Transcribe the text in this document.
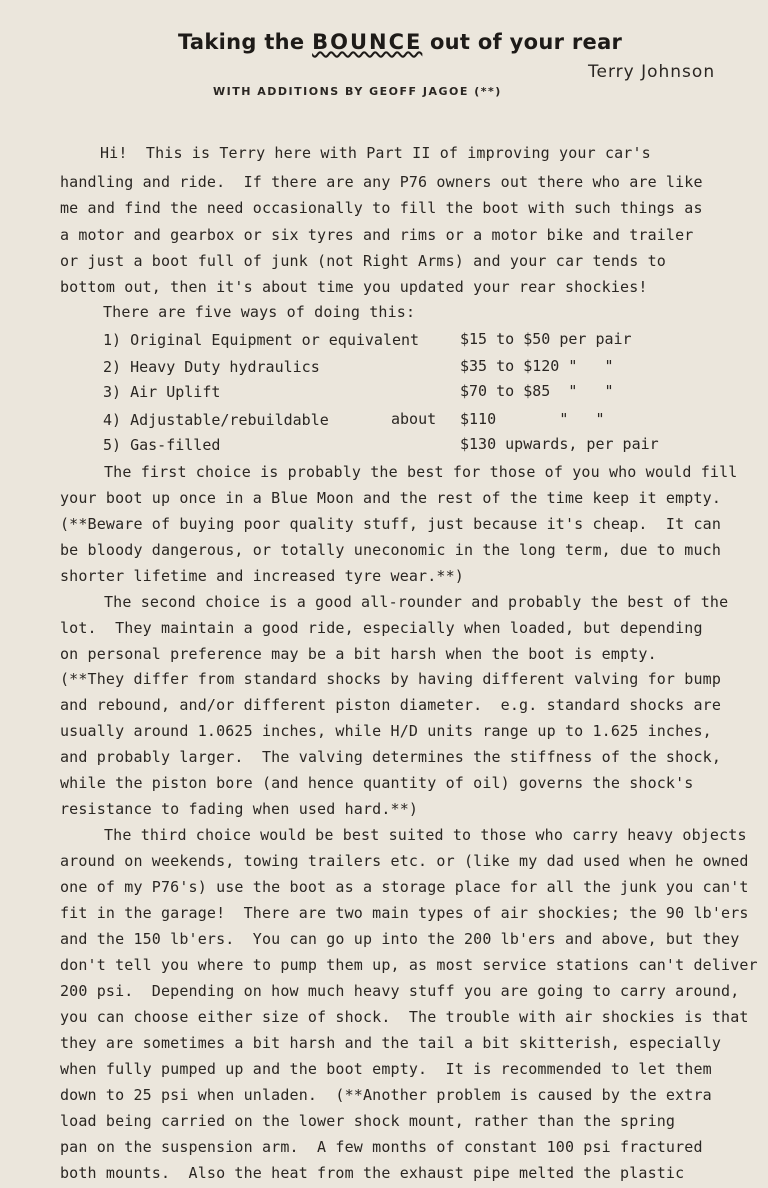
Taking the BOUNCE out of your rear
Terry Johnson
WITH ADDITIONS BY GEOFF JAGOE (**)
Hi!  This is Terry here with Part II of improving your car's
handling and ride.  If there are any P76 owners out there who are like
me and find the need occasionally to fill the boot with such things as
a motor and gearbox or six tyres and rims or a motor bike and trailer
or just a boot full of junk (not Right Arms) and your car tends to
bottom out, then it's about time you updated your rear shockies!
There are five ways of doing this:
1) Original Equipment or equivalent	$15 to $50 per pair
2) Heavy Duty hydraulics	$35 to $120 "   "
3) Air Uplift	$70 to $85  "   "
4) Adjustable/rebuildable	about $110       "   "
5) Gas-filled	$130 upwards, per pair
The first choice is probably the best for those of you who would fill
your boot up once in a Blue Moon and the rest of the time keep it empty.
(**Beware of buying poor quality stuff, just because it's cheap.  It can
be bloody dangerous, or totally uneconomic in the long term, due to much
shorter lifetime and increased tyre wear.**)
The second choice is a good all-rounder and probably the best of the
lot.  They maintain a good ride, especially when loaded, but depending
on personal preference may be a bit harsh when the boot is empty.
(**They differ from standard shocks by having different valving for bump
and rebound, and/or different piston diameter.  e.g. standard shocks are
usually around 1.0625 inches, while H/D units range up to 1.625 inches,
and probably larger.  The valving determines the stiffness of the shock,
while the piston bore (and hence quantity of oil) governs the shock's
resistance to fading when used hard.**)
The third choice would be best suited to those who carry heavy objects
around on weekends, towing trailers etc. or (like my dad used when he owned
one of my P76's) use the boot as a storage place for all the junk you can't
fit in the garage!  There are two main types of air shockies; the 90 lb'ers
and the 150 lb'ers.  You can go up into the 200 lb'ers and above, but they
don't tell you where to pump them up, as most service stations can't deliver
200 psi.  Depending on how much heavy stuff you are going to carry around,
you can choose either size of shock.  The trouble with air shockies is that
they are sometimes a bit harsh and the tail a bit skitterish, especially
when fully pumped up and the boot empty.  It is recommended to let them
down to 25 psi when unladen.  (**Another problem is caused by the extra
load being carried on the lower shock mount, rather than the spring
pan on the suspension arm.  A few months of constant 100 psi fractured
both mounts.  Also the heat from the exhaust pipe melted the plastic
